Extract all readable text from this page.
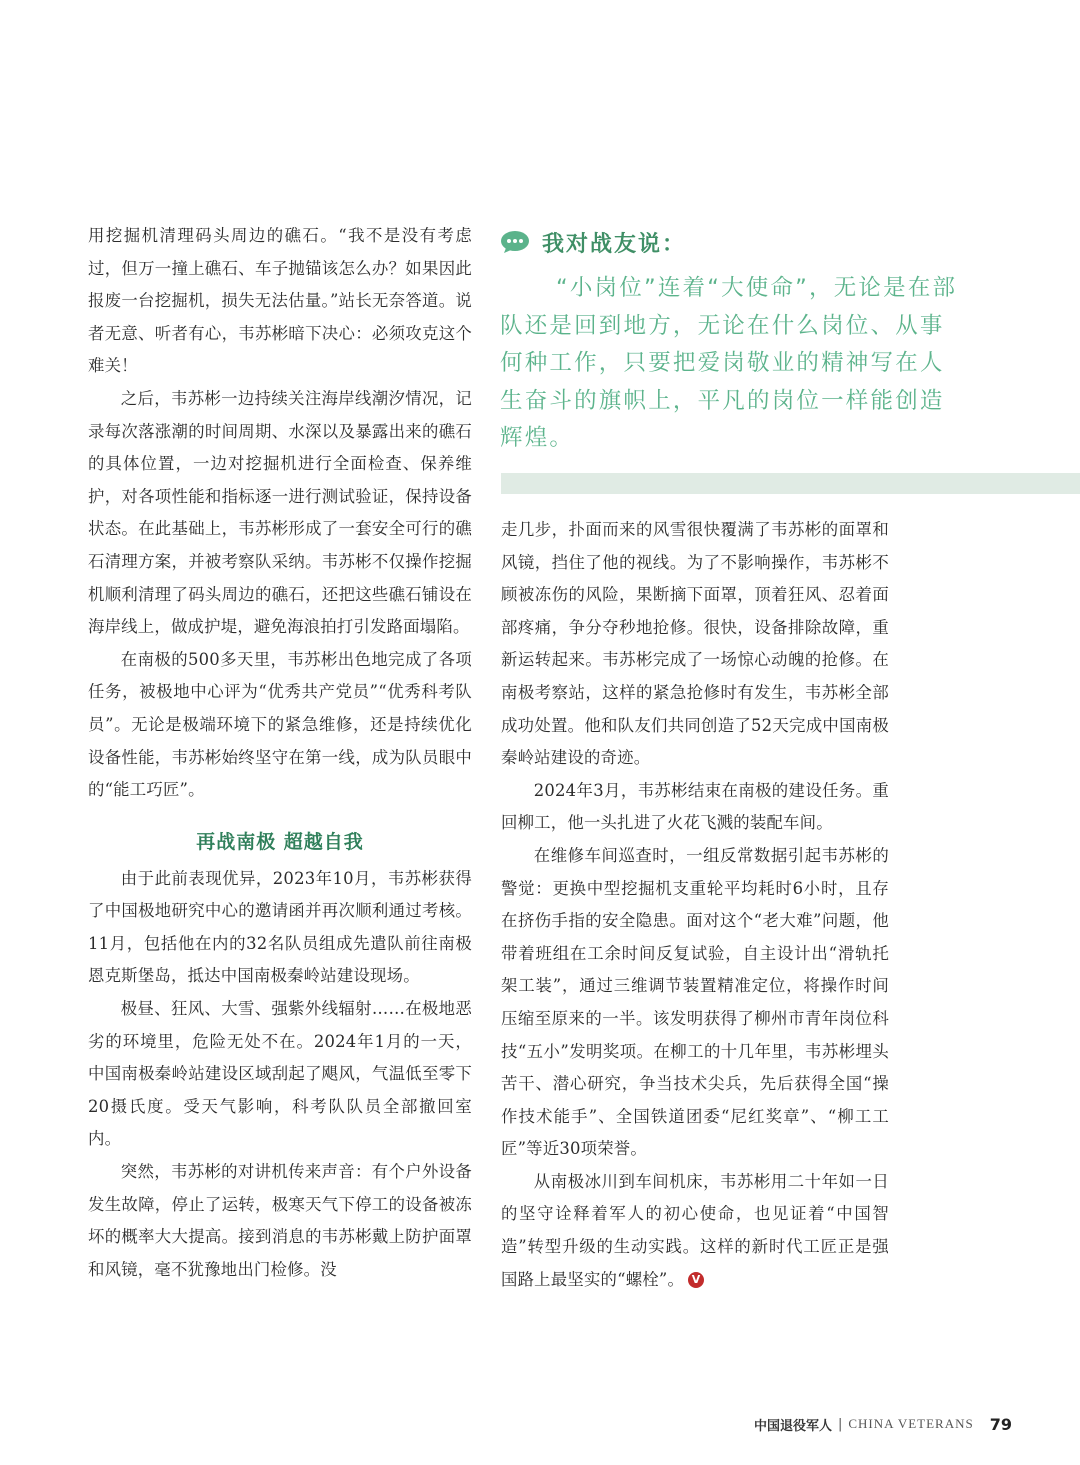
用挖掘机清理码头周边的礁石。“我不是没有考虑过，但万一撞上礁石、车子抛锚该怎么办？如果因此报废一台挖掘机，损失无法估量。”站长无奈答道。说者无意、听者有心，韦苏彬暗下决心：必须攻克这个难关！

之后，韦苏彬一边持续关注海岸线潮汐情况，记录每次落涨潮的时间周期、水深以及暴露出来的礁石的具体位置，一边对挖掘机进行全面检查、保养维护，对各项性能和指标逐一进行测试验证，保持设备状态。在此基础上，韦苏彬形成了一套安全可行的礁石清理方案，并被考察队采纳。韦苏彬不仅操作挖掘机顺利清理了码头周边的礁石，还把这些礁石铺设在海岸线上，做成护堤，避免海浪拍打引发路面塌陷。

在南极的500多天里，韦苏彬出色地完成了各项任务，被极地中心评为“优秀共产党员”“优秀科考队员”。无论是极端环境下的紧急维修，还是持续优化设备性能，韦苏彬始终坚守在第一线，成为队员眼中的“能工巧匠”。

再战南极 超越自我

由于此前表现优异，2023年10月，韦苏彬获得了中国极地研究中心的邀请函并再次顺利通过考核。11月，包括他在内的32名队员组成先遣队前往南极恩克斯堡岛，抵达中国南极秦岭站建设现场。

极昼、狂风、大雪、强紫外线辐射……在极地恶劣的环境里，危险无处不在。2024年1月的一天，中国南极秦岭站建设区域刮起了飓风，气温低至零下20摄氏度。受天气影响，科考队队员全部撤回室内。

突然，韦苏彬的对讲机传来声音：有个户外设备发生故障，停止了运转，极寒天气下停工的设备被冻坏的概率大大提高。接到消息的韦苏彬戴上防护面罩和风镜，毫不犹豫地出门检修。没

我对战友说：
“小岗位”连着“大使命”，无论是在部队还是回到地方，无论在什么岗位、从事何种工作，只要把爱岗敬业的精神写在人生奋斗的旗帜上，平凡的岗位一样能创造辉煌。

走几步，扑面而来的风雪很快覆满了韦苏彬的面罩和风镜，挡住了他的视线。为了不影响操作，韦苏彬不顾被冻伤的风险，果断摘下面罩，顶着狂风、忍着面部疼痛，争分夺秒地抢修。很快，设备排除故障，重新运转起来。韦苏彬完成了一场惊心动魄的抢修。在南极考察站，这样的紧急抢修时有发生，韦苏彬全部成功处置。他和队友们共同创造了52天完成中国南极秦岭站建设的奇迹。

2024年3月，韦苏彬结束在南极的建设任务。重回柳工，他一头扎进了火花飞溅的装配车间。

在维修车间巡查时，一组反常数据引起韦苏彬的警觉：更换中型挖掘机支重轮平均耗时6小时，且存在挤伤手指的安全隐患。面对这个“老大难”问题，他带着班组在工余时间反复试验，自主设计出“滑轨托架工装”，通过三维调节装置精准定位，将操作时间压缩至原来的一半。该发明获得了柳州市青年岗位科技“五小”发明奖项。在柳工的十几年里，韦苏彬埋头苦干、潜心研究，争当技术尖兵，先后获得全国“操作技术能手”、全国铁道团委“尼红奖章”、“柳工工匠”等近30项荣誉。

从南极冰川到车间机床，韦苏彬用二十年如一日的坚守诠释着军人的初心使命，也见证着“中国智造”转型升级的生动实践。这样的新时代工匠正是强国路上最坚实的“螺栓”。 V

中国退役军人 | CHINA VETERANS 79
